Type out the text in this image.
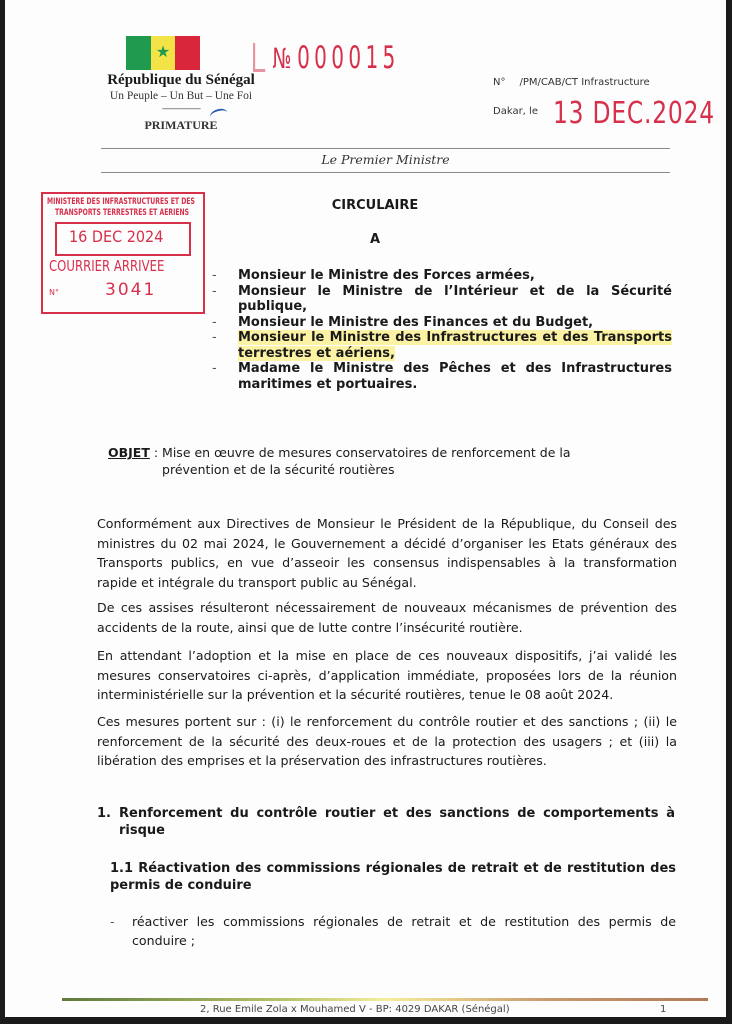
★
République du Sénégal
Un Peuple – Un But – Une Foi
-----------------
PRIMATURE
№ 000015
N° /PM/CAB/CT Infrastructure
Dakar, le 13 DEC.2024
Le Premier Ministre
MINISTERE DES INFRASTRUCTURES ET DES
TRANSPORTS TERRESTRES ET AERIENS
16 DEC 2024
COURRIER ARRIVEE
N°	3041
CIRCULAIRE
A
-	Monsieur le Ministre des Forces armées,
-	Monsieur le Ministre de l’Intérieur et de la Sécurité publique,
-	Monsieur le Ministre des Finances et du Budget,
-	Monsieur le Ministre des Infrastructures et des Transports terrestres et aériens,
-	Madame le Ministre des Pêches et des Infrastructures maritimes et portuaires.
OBJET : Mise en œuvre de mesures conservatoires de renforcement de la prévention et de la sécurité routières
Conformément aux Directives de Monsieur le Président de la République, du Conseil des ministres du 02 mai 2024, le Gouvernement a décidé d’organiser les Etats généraux des Transports publics, en vue d’asseoir les consensus indispensables à la transformation rapide et intégrale du transport public au Sénégal.
De ces assises résulteront nécessairement de nouveaux mécanismes de prévention des accidents de la route, ainsi que de lutte contre l’insécurité routière.
En attendant l’adoption et la mise en place de ces nouveaux dispositifs, j’ai validé les mesures conservatoires ci-après, d’application immédiate, proposées lors de la réunion interministérielle sur la prévention et la sécurité routières, tenue le 08 août 2024.
Ces mesures portent sur : (i) le renforcement du contrôle routier et des sanctions ; (ii) le renforcement de la sécurité des deux-roues et de la protection des usagers ; et (iii) la libération des emprises et la préservation des infrastructures routières.
1. Renforcement du contrôle routier et des sanctions de comportements à risque
1.1 Réactivation des commissions régionales de retrait et de restitution des permis de conduire
-	réactiver les commissions régionales de retrait et de restitution des permis de conduire ;
2, Rue Emile Zola x Mouhamed V - BP: 4029 DAKAR (Sénégal)	1
